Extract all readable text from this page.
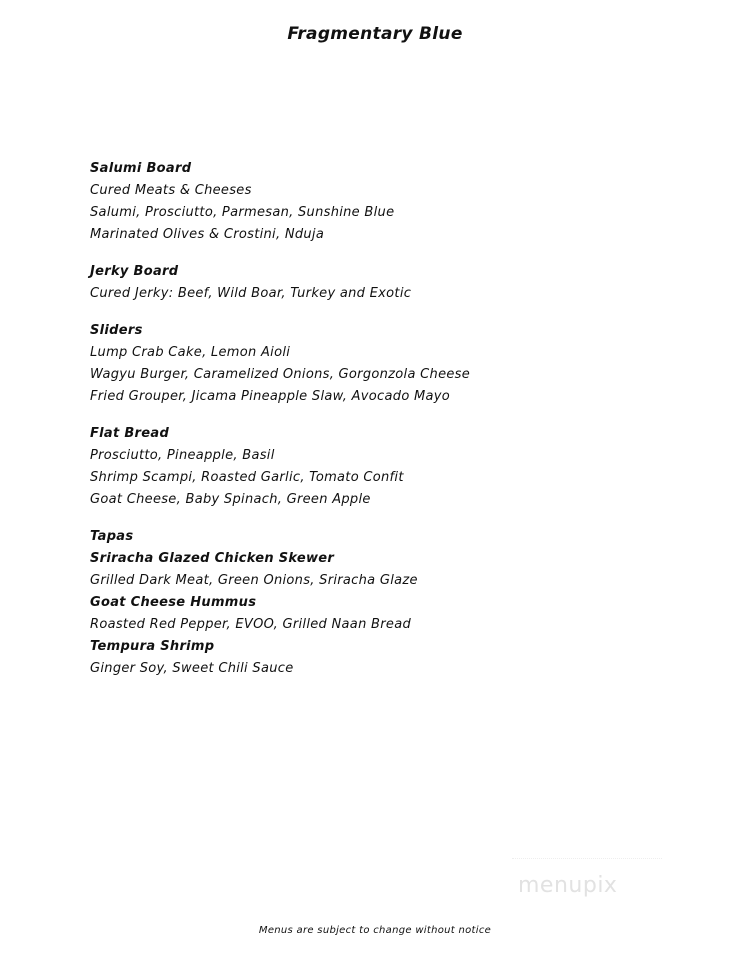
Fragmentary Blue
Salumi Board
Cured Meats & Cheeses
Salumi, Prosciutto, Parmesan, Sunshine Blue
Marinated Olives & Crostini, Nduja
Jerky Board
Cured Jerky: Beef, Wild Boar, Turkey and Exotic
Sliders
Lump Crab Cake, Lemon Aioli
Wagyu Burger, Caramelized Onions, Gorgonzola Cheese
Fried Grouper, Jicama Pineapple Slaw, Avocado Mayo
Flat Bread
Prosciutto, Pineapple, Basil
Shrimp Scampi, Roasted Garlic, Tomato Confit
Goat Cheese, Baby Spinach, Green Apple
Tapas
Sriracha Glazed Chicken Skewer
Grilled Dark Meat, Green Onions, Sriracha Glaze
Goat Cheese Hummus
Roasted Red Pepper, EVOO, Grilled Naan Bread
Tempura Shrimp
Ginger Soy, Sweet Chili Sauce
menupix
Menus are subject to change without notice
